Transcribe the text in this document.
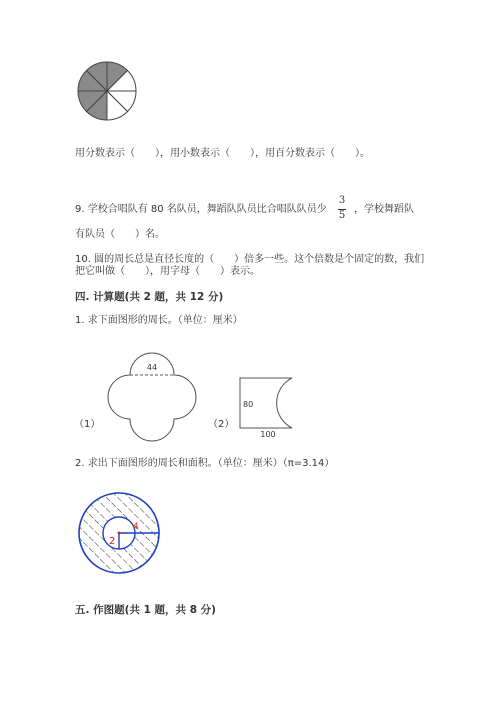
用分数表示（　　），用小数表示（　　），用百分数表示（　　）。
9. 学校合唱队有 80 名队员，舞蹈队队员比合唱队队员少
3
5
，学校舞蹈队
有队员（　　）名。
10. 圆的周长总是直径长度的（　　）倍多一些。这个倍数是个固定的数，我们
把它叫做（　　），用字母（　　）表示。
四. 计算题(共 2 题，共 12 分)
1. 求下面图形的周长。（单位：厘米）
44
（1）
80
100
（2）
2. 求出下面图形的周长和面积。（单位：厘米）（π=3.14）
4
2
五. 作图题(共 1 题，共 8 分)
